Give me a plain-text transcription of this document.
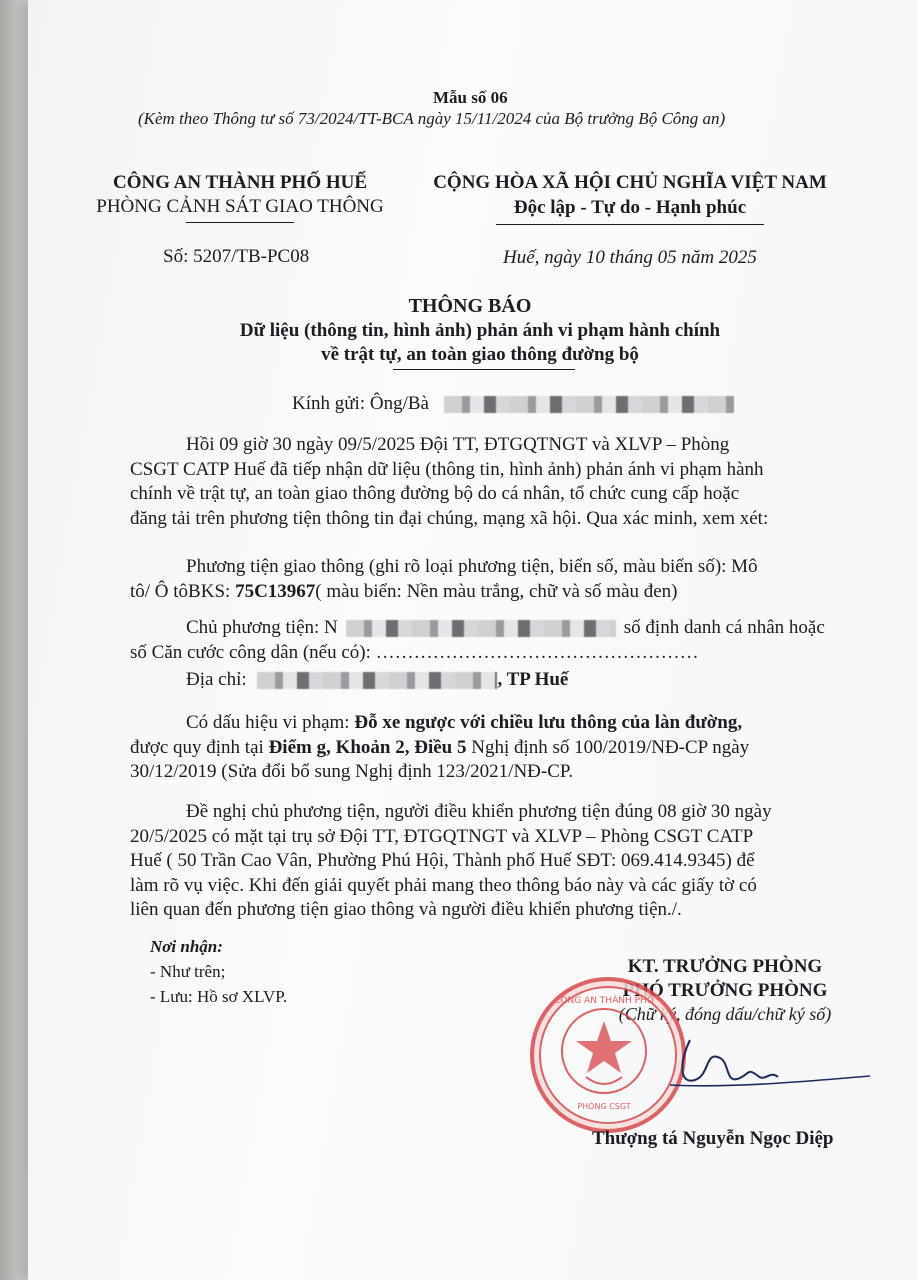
Mẫu số 06
(Kèm theo Thông tư số 73/2024/TT-BCA ngày 15/11/2024 của Bộ trưởng Bộ Công an)
CÔNG AN THÀNH PHỐ HUẾ
PHÒNG CẢNH SÁT GIAO THÔNG
Số: 5207/TB-PC08
CỘNG HÒA XÃ HỘI CHỦ NGHĨA VIỆT NAM
Độc lập - Tự do - Hạnh phúc
Huế, ngày 10 tháng 05 năm 2025
THÔNG BÁO
Dữ liệu (thông tin, hình ảnh) phản ánh vi phạm hành chính
về trật tự, an toàn giao thông đường bộ
Kính gửi: Ông/Bà
Hồi 09 giờ 30 ngày 09/5/2025 Đội TT, ĐTGQTNGT và XLVP – Phòng
CSGT CATP Huế đã tiếp nhận dữ liệu (thông tin, hình ảnh) phản ánh vi phạm hành
chính về trật tự, an toàn giao thông đường bộ do cá nhân, tổ chức cung cấp hoặc
đăng tải trên phương tiện thông tin đại chúng, mạng xã hội. Qua xác minh, xem xét:
Phương tiện giao thông (ghi rõ loại phương tiện, biển số, màu biển số): Mô
tô/ Ô tôBKS: 75C13967( màu biển: Nền màu trắng, chữ và số màu đen)
Chủ phương tiện: N	số định danh cá nhân hoặc
số Căn cước công dân (nếu có): ……………………………………………
Địa chỉ:	, TP Huế
Có dấu hiệu vi phạm: Đỗ xe ngược với chiều lưu thông của làn đường,
được quy định tại Điểm g, Khoản 2, Điều 5 Nghị định số 100/2019/NĐ-CP ngày
30/12/2019 (Sửa đổi bổ sung Nghị định 123/2021/NĐ-CP.
Đề nghị chủ phương tiện, người điều khiển phương tiện đúng 08 giờ 30 ngày
20/5/2025 có mặt tại trụ sở Đội TT, ĐTGQTNGT và XLVP – Phòng CSGT CATP
Huế ( 50 Trần Cao Vân, Phường Phú Hội, Thành phố Huế SĐT: 069.414.9345) để
làm rõ vụ việc. Khi đến giải quyết phải mang theo thông báo này và các giấy tờ có
liên quan đến phương tiện giao thông và người điều khiển phương tiện./.
Nơi nhận:
- Như trên;
- Lưu: Hồ sơ XLVP.
KT. TRƯỞNG PHÒNG
PHÓ TRƯỞNG PHÒNG
(Chữ ký, đóng dấu/chữ ký số)
CÔNG AN THÀNH PHỐ
PHÒNG CSGT
Thượng tá Nguyễn Ngọc Diệp
